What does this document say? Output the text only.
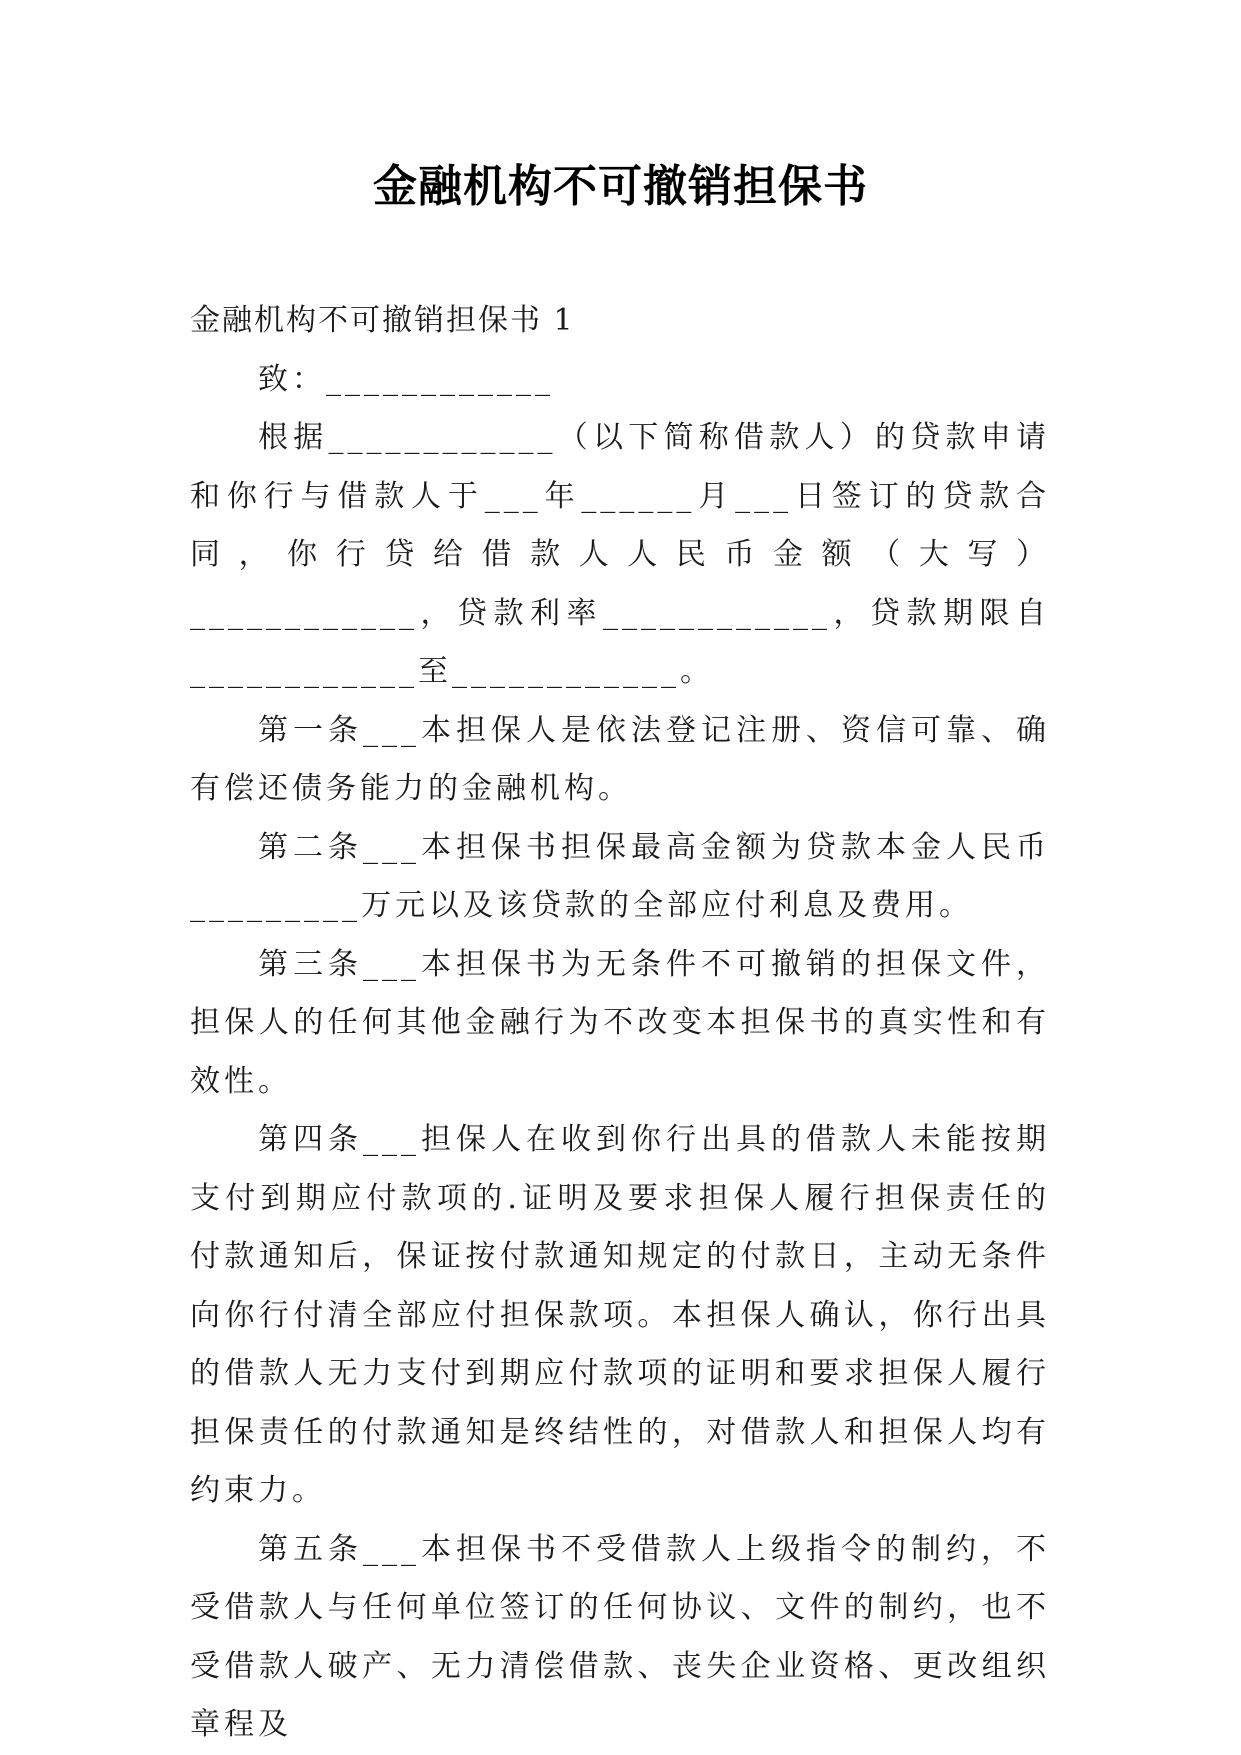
金融机构不可撤销担保书

金融机构不可撤销担保书 1

致：____________

根据____________（以下简称借款人）的贷款申请和你行与借款人于___年______月___日签订的贷款合同，你行贷给借款人人民币金额（大写）____________，贷款利率____________，贷款期限自____________至____________。

第一条___本担保人是依法登记注册、资信可靠、确有偿还债务能力的金融机构。

第二条___本担保书担保最高金额为贷款本金人民币_________万元以及该贷款的全部应付利息及费用。

第三条___本担保书为无条件不可撤销的担保文件，担保人的任何其他金融行为不改变本担保书的真实性和有效性。

第四条___担保人在收到你行出具的借款人未能按期支付到期应付款项的.证明及要求担保人履行担保责任的付款通知后，保证按付款通知规定的付款日，主动无条件向你行付清全部应付担保款项。本担保人确认，你行出具的借款人无力支付到期应付款项的证明和要求担保人履行担保责任的付款通知是终结性的，对借款人和担保人均有约束力。

第五条___本担保书不受借款人上级指令的制约，不受借款人与任何单位签订的任何协议、文件的制约，也不受借款人破产、无力清偿借款、丧失企业资格、更改组织章程及
